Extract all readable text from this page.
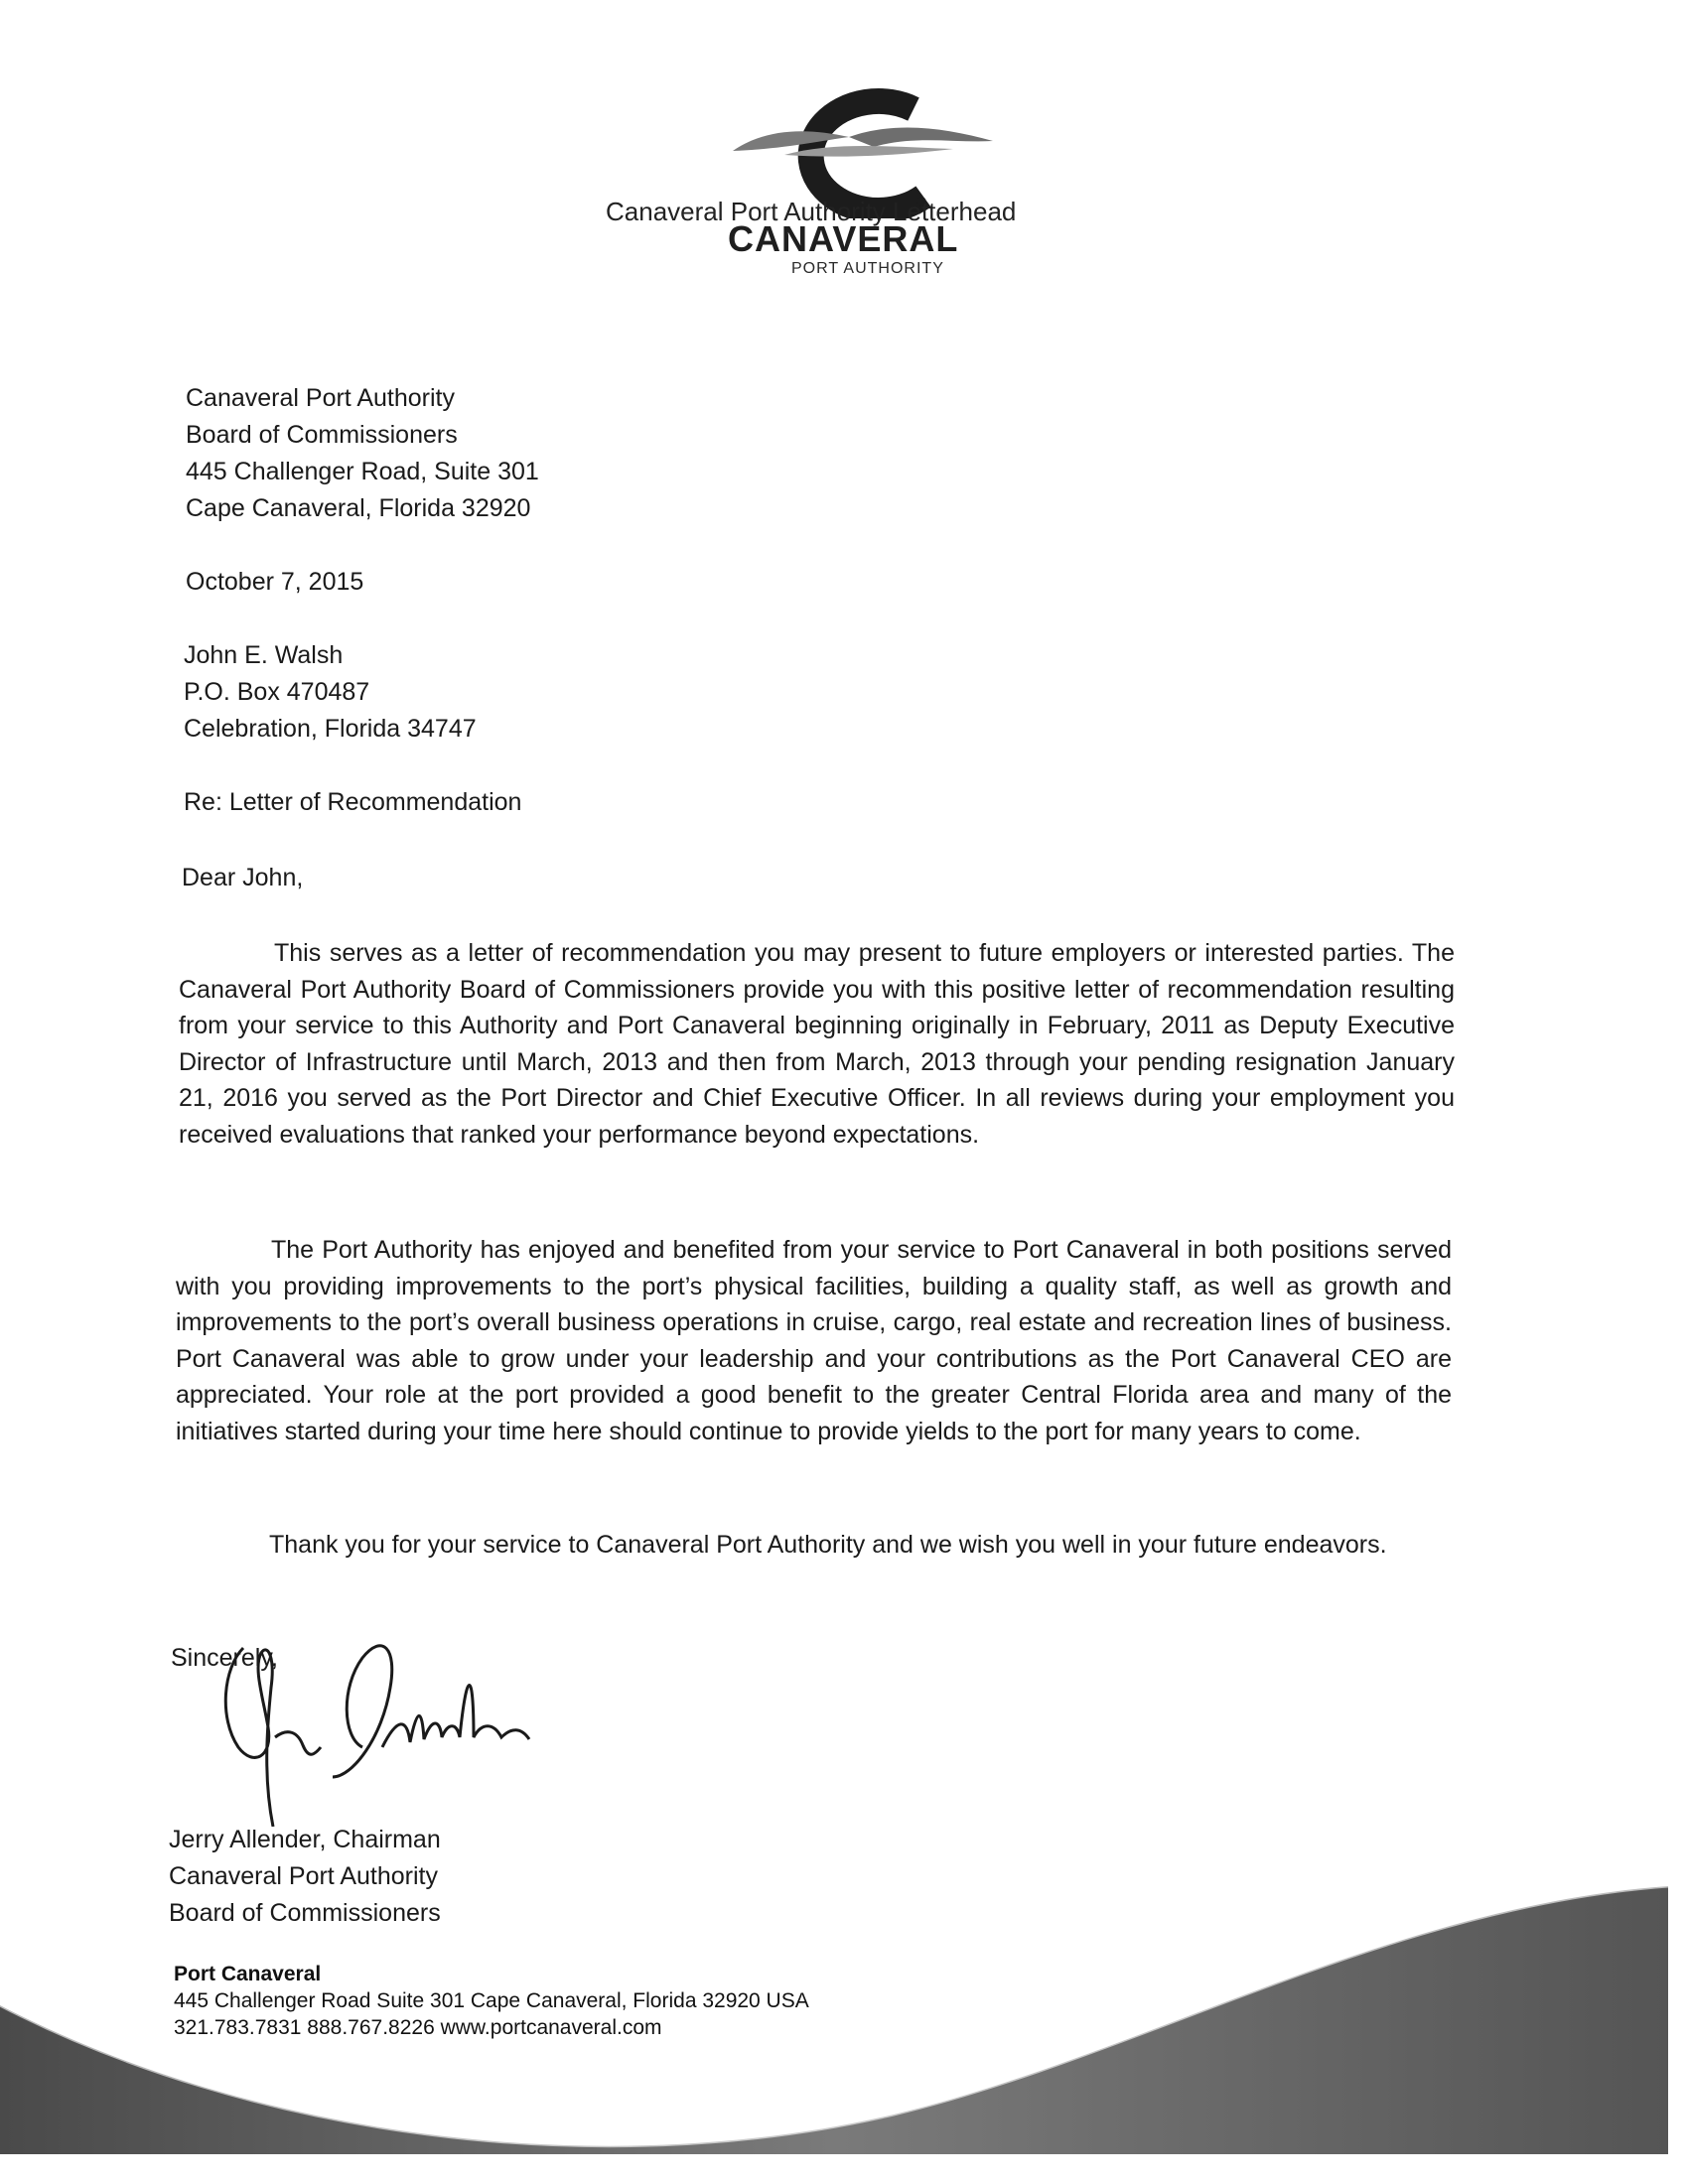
Canaveral Port Authority Letterhead
CANAVERAL
PORT AUTHORITY
Canaveral Port Authority
Board of Commissioners
445 Challenger Road, Suite 301
Cape Canaveral, Florida 32920
October 7, 2015
John E. Walsh
P.O. Box 470487
Celebration, Florida 34747
Re: Letter of Recommendation
Dear John,
This serves as a letter of recommendation you may present to future employers or interested parties. The Canaveral Port Authority Board of Commissioners provide you with this positive letter of recommendation resulting from your service to this Authority and Port Canaveral beginning originally in February, 2011 as Deputy Executive Director of Infrastructure until March, 2013 and then from March, 2013 through your pending resignation January 21, 2016 you served as the Port Director and Chief Executive Officer. In all reviews during your employment you received evaluations that ranked your performance beyond expectations.
The Port Authority has enjoyed and benefited from your service to Port Canaveral in both positions served with you providing improvements to the port’s physical facilities, building a quality staff, as well as growth and improvements to the port’s overall business operations in cruise, cargo, real estate and recreation lines of business. Port Canaveral was able to grow under your leadership and your contributions as the Port Canaveral CEO are appreciated. Your role at the port provided a good benefit to the greater Central Florida area and many of the initiatives started during your time here should continue to provide yields to the port for many years to come.
Thank you for your service to Canaveral Port Authority and we wish you well in your future endeavors.
Sincerely,
Jerry Allender, Chairman
Canaveral Port Authority
Board of Commissioners
Port Canaveral
445 Challenger Road Suite 301 Cape Canaveral, Florida 32920 USA
321.783.7831 888.767.8226 www.portcanaveral.com
